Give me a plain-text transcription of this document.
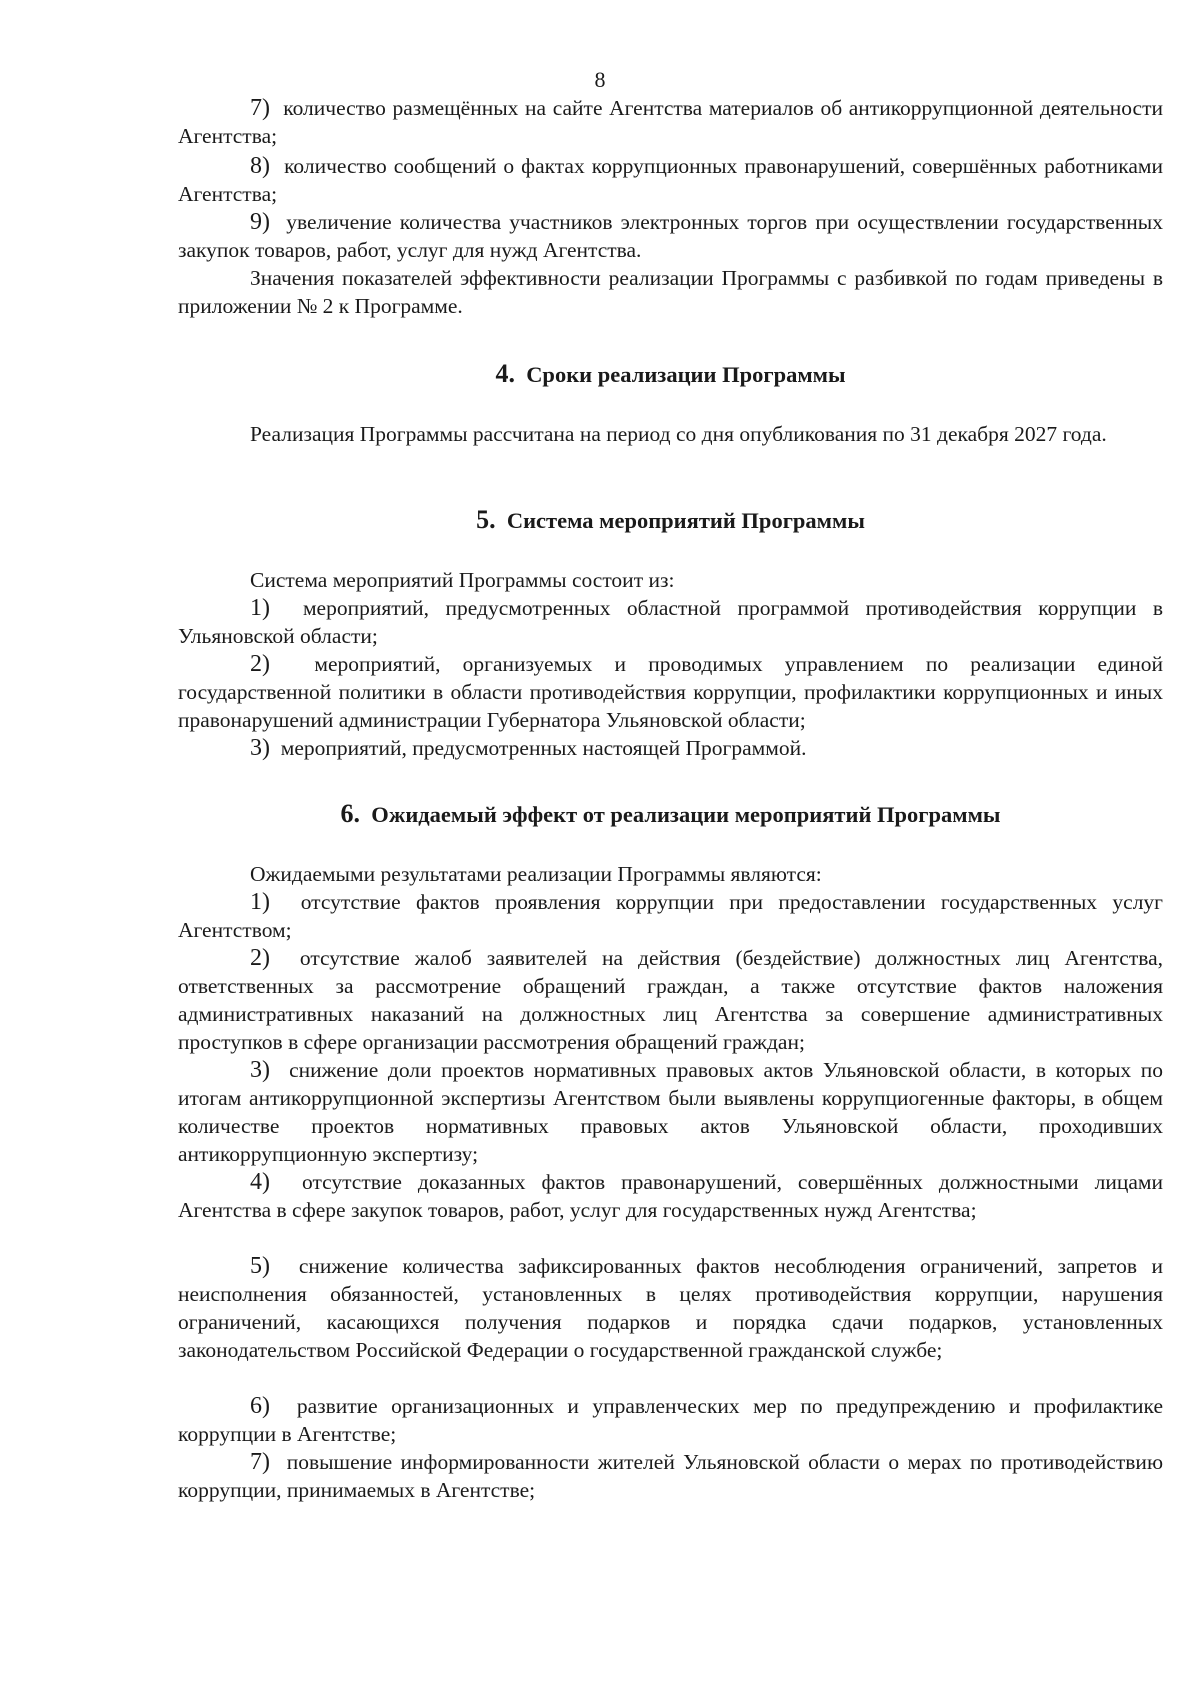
8

7) количество размещённых на сайте Агентства материалов об антикоррупционной деятельности Агентства;

8) количество сообщений о фактах коррупционных правонарушений, совершённых работниками Агентства;

9) увеличение количества участников электронных торгов при осуществлении государственных закупок товаров, работ, услуг для нужд Агентства.

Значения показателей эффективности реализации Программы с разбивкой по годам приведены в приложении № 2 к Программе.

4. Сроки реализации Программы

Реализация Программы рассчитана на период со дня опубликования по 31 декабря 2027 года.

5. Система мероприятий Программы

Система мероприятий Программы состоит из:

1) мероприятий, предусмотренных областной программой противодействия коррупции в Ульяновской области;

2) мероприятий, организуемых и проводимых управлением по реализации единой государственной политики в области противодействия коррупции, профилактики коррупционных и иных правонарушений администрации Губернатора Ульяновской области;

3) мероприятий, предусмотренных настоящей Программой.

6. Ожидаемый эффект от реализации мероприятий Программы

Ожидаемыми результатами реализации Программы являются:

1) отсутствие фактов проявления коррупции при предоставлении государственных услуг Агентством;

2) отсутствие жалоб заявителей на действия (бездействие) должностных лиц Агентства, ответственных за рассмотрение обращений граждан, а также отсутствие фактов наложения административных наказаний на должностных лиц Агентства за совершение административных проступков в сфере организации рассмотрения обращений граждан;

3) снижение доли проектов нормативных правовых актов Ульяновской области, в которых по итогам антикоррупционной экспертизы Агентством были выявлены коррупциогенные факторы, в общем количестве проектов нормативных правовых актов Ульяновской области, проходивших антикоррупционную экспертизу;

4) отсутствие доказанных фактов правонарушений, совершённых должностными лицами Агентства в сфере закупок товаров, работ, услуг для государственных нужд Агентства;

5) снижение количества зафиксированных фактов несоблюдения ограничений, запретов и неисполнения обязанностей, установленных в целях противодействия коррупции, нарушения ограничений, касающихся получения подарков и порядка сдачи подарков, установленных законодательством Российской Федерации о государственной гражданской службе;

6) развитие организационных и управленческих мер по предупреждению и профилактике коррупции в Агентстве;

7) повышение информированности жителей Ульяновской области о мерах по противодействию коррупции, принимаемых в Агентстве;
